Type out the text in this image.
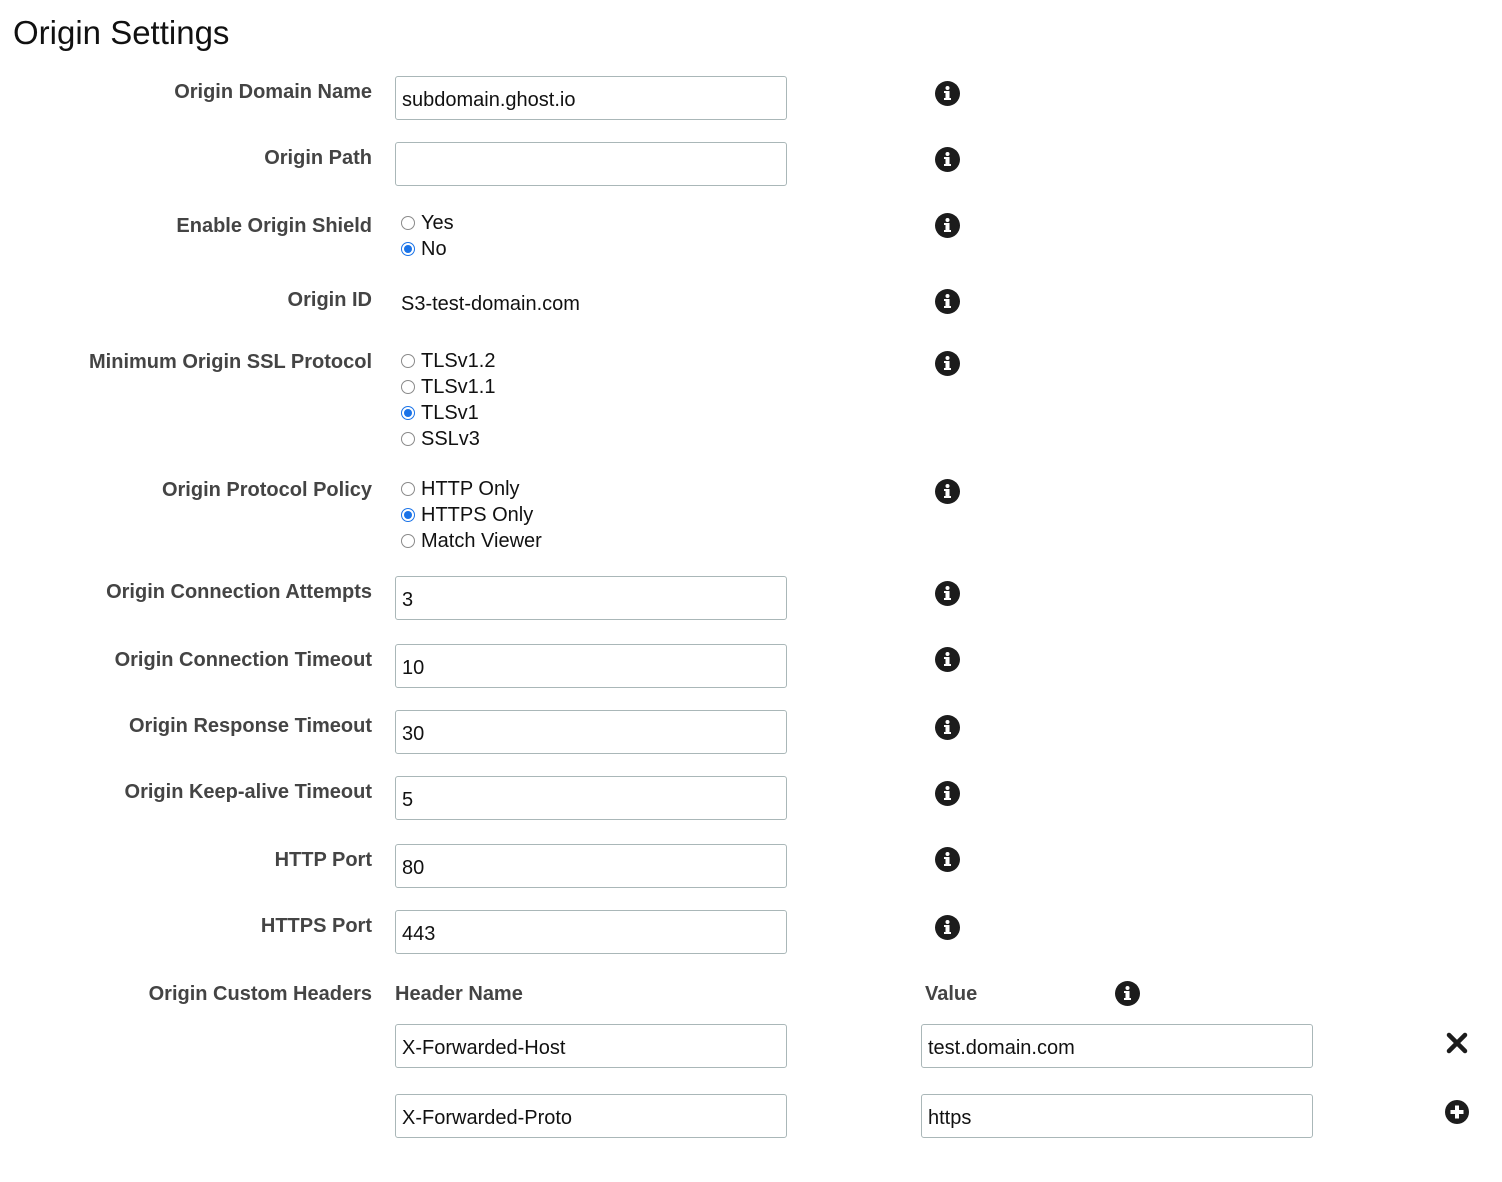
Origin Settings
Origin Domain Name
subdomain.ghost.io
Origin Path
Enable Origin Shield Yes
No
Origin ID S3-test-domain.com
Minimum Origin SSL Protocol TLSv1.2
TLSv1.1
TLSv1
SSLv3
Origin Protocol Policy HTTP Only
HTTPS Only
Match Viewer
Origin Connection Attempts
3
Origin Connection Timeout
10
Origin Response Timeout
30
Origin Keep-alive Timeout
5
HTTP Port
80
HTTPS Port
443
Origin Custom Headers Header Name	Value
X-Forwarded-Host
test.domain.com
X-Forwarded-Proto
https
